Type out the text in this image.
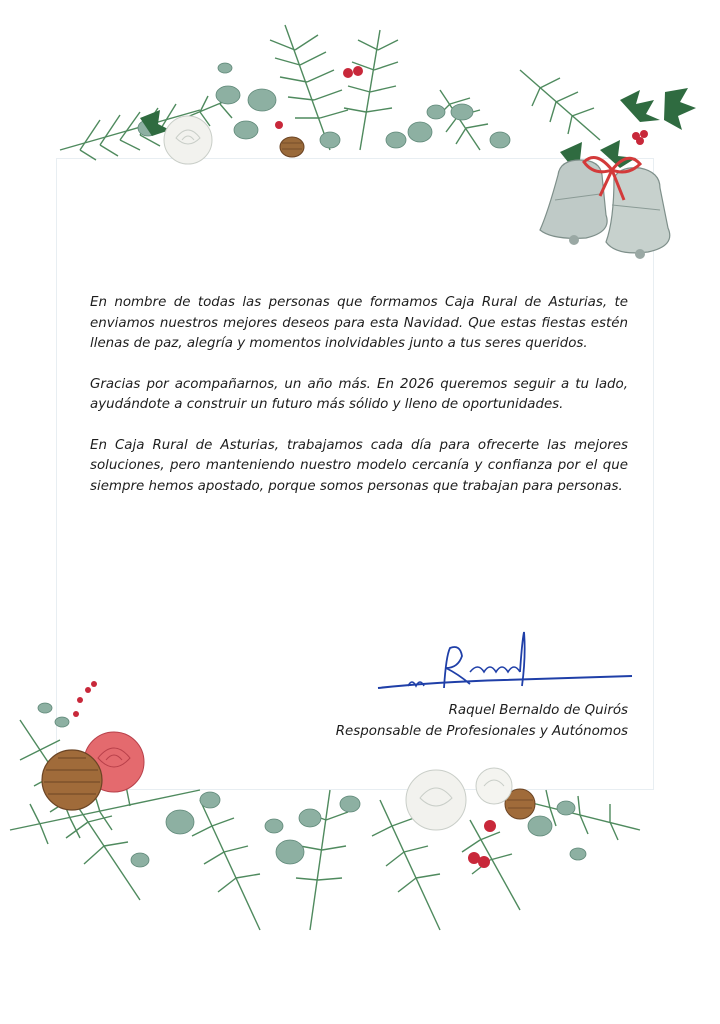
En nombre de todas las personas que formamos Caja Rural de Asturias, te enviamos nuestros mejores deseos para esta Navidad. Que estas fiestas estén llenas de paz, alegría y momentos inolvidables junto a tus seres queridos.

Gracias por acompañarnos, un año más. En 2026 queremos seguir a tu lado, ayudándote a construir un futuro más sólido y lleno de oportunidades.

En Caja Rural de Asturias, trabajamos cada día para ofrecerte las mejores soluciones, pero manteniendo nuestro modelo cercanía y confianza por el que siempre hemos apostado, porque somos personas que trabajan para personas.

Raquel Bernaldo de Quirós
Responsable de Profesionales y Autónomos
